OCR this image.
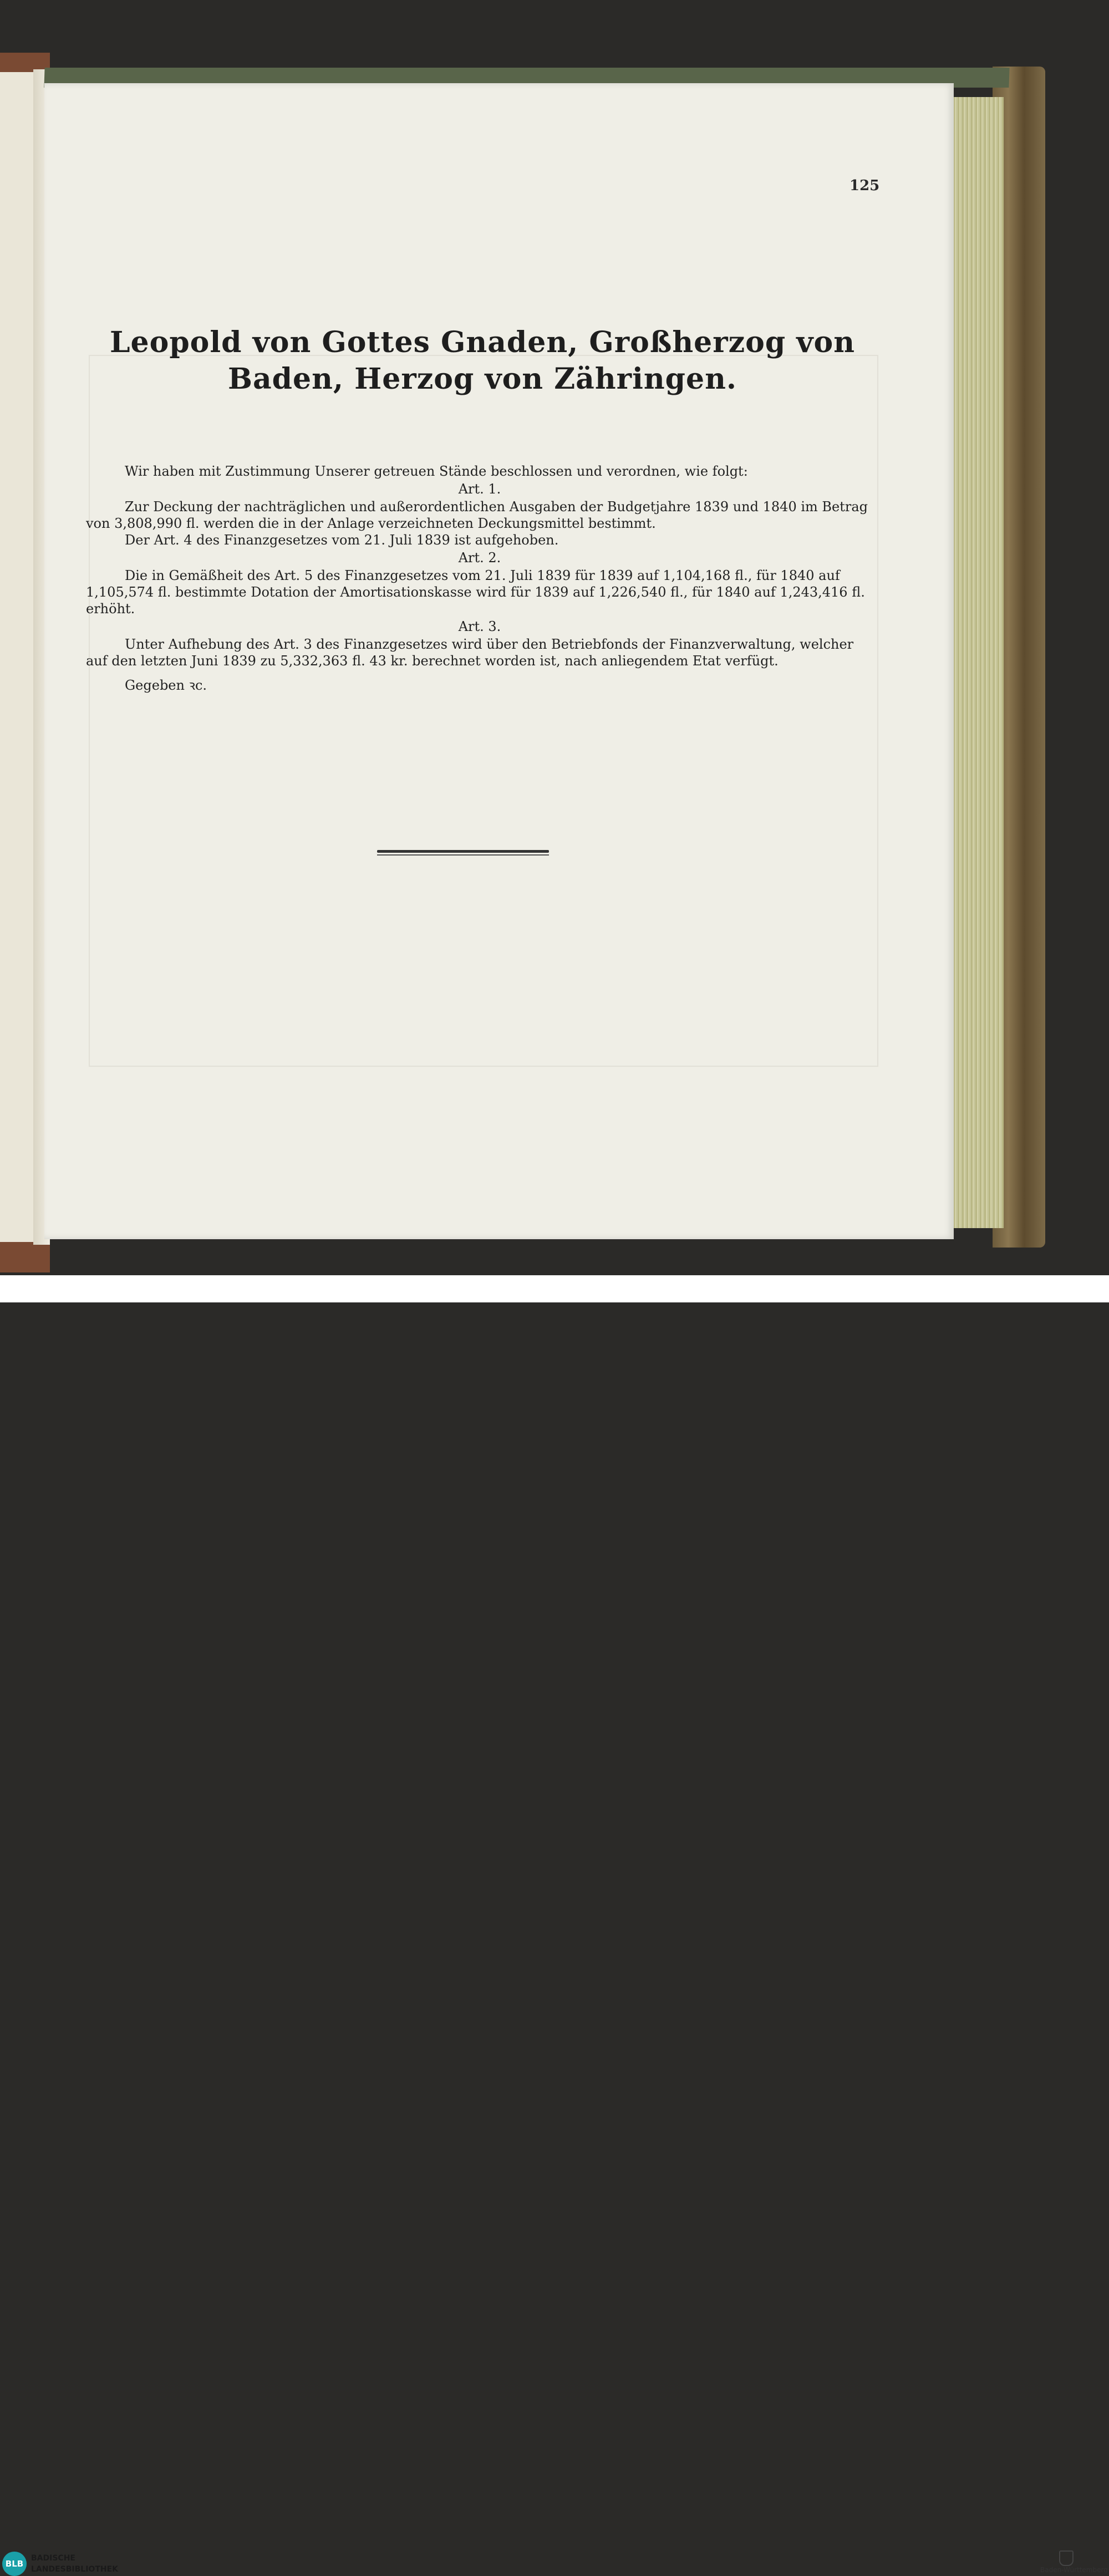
125
Leopold von Gottes Gnaden, Großherzog von Baden, Herzog von Zähringen.

Wir haben mit Zustimmung Unserer getreuen Stände beschlossen und verordnen, wie folgt:

Art. 1.

Zur Deckung der nachträglichen und außerordentlichen Ausgaben der Budgetjahre 1839 und 1840 im Betrag von 3,808,990 fl. werden die in der Anlage verzeichneten Deckungsmittel bestimmt.

Der Art. 4 des Finanzgesetzes vom 21. Juli 1839 ist aufgehoben.

Art. 2.

Die in Gemäßheit des Art. 5 des Finanzgesetzes vom 21. Juli 1839 für 1839 auf 1,104,168 fl., für 1840 auf 1,105,574 fl. bestimmte Dotation der Amortisationskasse wird für 1839 auf 1,226,540 fl., für 1840 auf 1,243,416 fl. erhöht.

Art. 3.

Unter Aufhebung des Art. 3 des Finanzgesetzes wird über den Betriebfonds der Finanzverwaltung, welcher auf den letzten Juni 1839 zu 5,332,363 fl. 43 kr. berechnet worden ist, nach anliegendem Etat verfügt.

Gegeben ꝛc.

BLB
BADISCHE
LANDESBIBLIOTHEK	Baden-Württemberg
